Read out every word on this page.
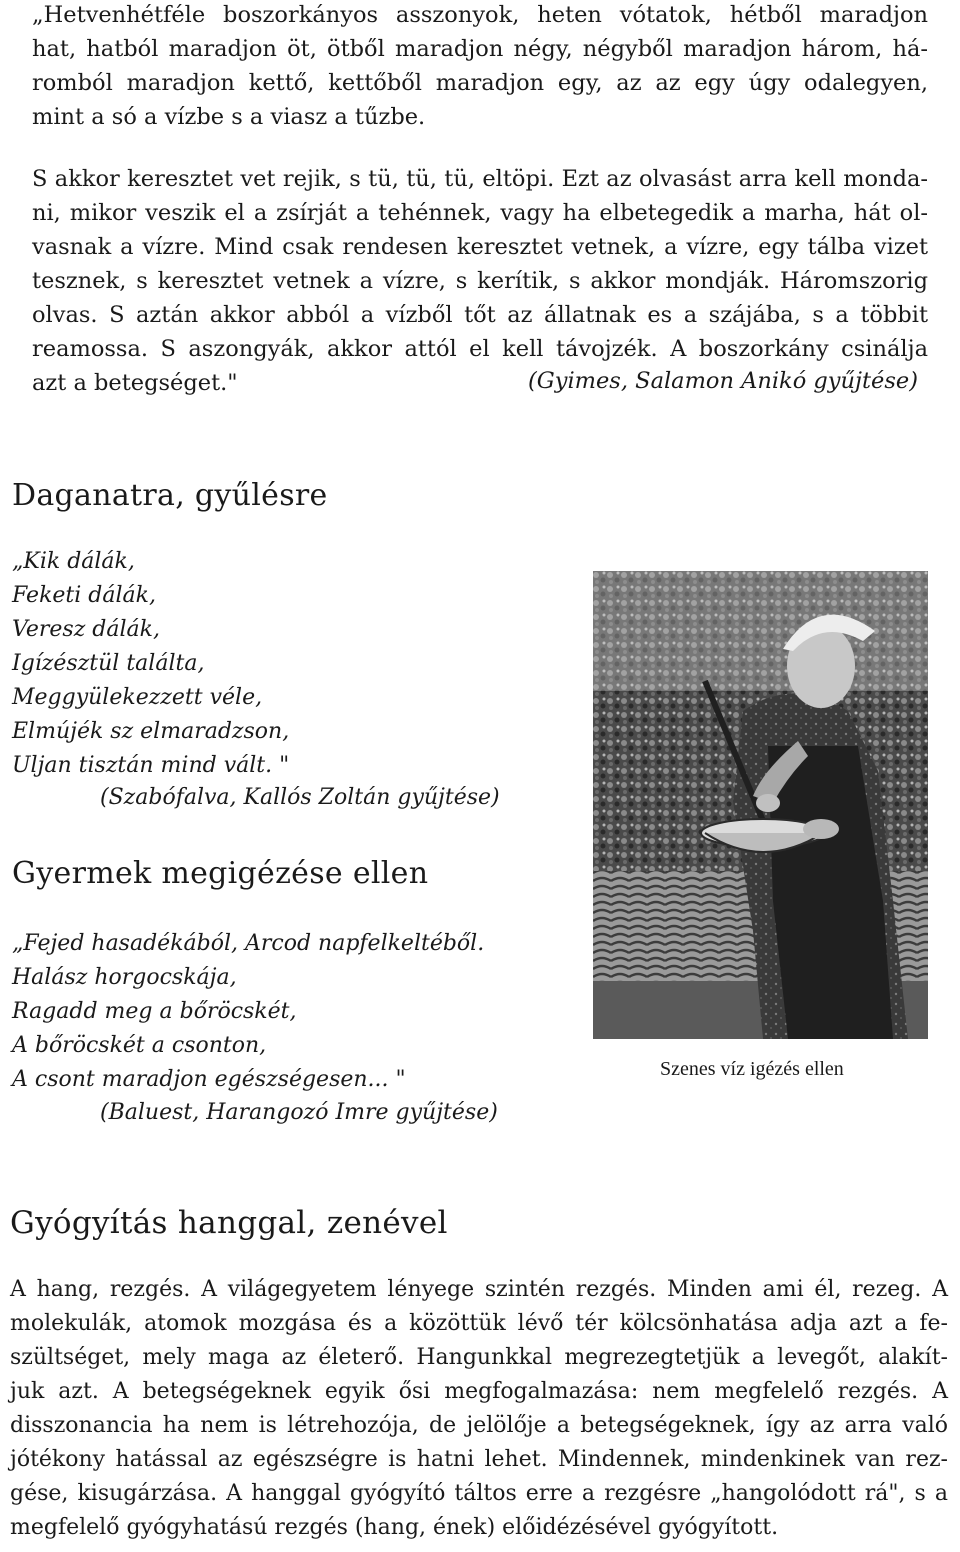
„Hetvenhétféle boszorkányos asszonyok, heten vótatok, hétből maradjon
hat, hatból maradjon öt, ötből maradjon négy, négyből maradjon három, há-
romból maradjon kettő, kettőből maradjon egy, az az egy úgy odalegyen,
mint a só a vízbe s a viasz a tűzbe.
S akkor keresztet vet rejik, s tü, tü, tü, eltöpi. Ezt az olvasást arra kell monda-
ni, mikor veszik el a zsírját a tehénnek, vagy ha elbetegedik a marha, hát ol-
vasnak a vízre. Mind csak rendesen keresztet vetnek, a vízre, egy tálba vizet
tesznek, s keresztet vetnek a vízre, s kerítik, s akkor mondják. Háromszorig
olvas. S aztán akkor abból a vízből tőt az állatnak es a szájába, s a többit
reamossa. S aszongyák, akkor attól el kell távojzék. A boszorkány csinálja
azt a betegséget."	(Gyimes, Salamon Anikó gyűjtése)
Daganatra, gyűlésre
„Kik dálák,
Feketi dálák,
Veresz dálák,
Igízésztül találta,
Meggyülekezzett véle,
Elmújék sz elmaradzson,
Uljan tisztán mind vált. "
(Szabófalva, Kallós Zoltán gyűjtése)
Gyermek megigézése ellen
„Fejed hasadékából, Arcod napfelkeltéből.
Halász horgocskája,
Ragadd meg a bőröcskét,
A bőröcskét a csonton,
A csont maradjon egészségesen... "
(Baluest, Harangozó Imre gyűjtése)
Szenes víz igézés ellen
Gyógyítás hanggal, zenével
A hang, rezgés. A világegyetem lényege szintén rezgés. Minden ami él, rezeg. A
molekulák, atomok mozgása és a közöttük lévő tér kölcsönhatása adja azt a fe-
szültséget, mely maga az életerő. Hangunkkal megrezegtetjük a levegőt, alakít-
juk azt. A betegségeknek egyik ősi megfogalmazása: nem megfelelő rezgés. A
disszonancia ha nem is létrehozója, de jelölője a betegségeknek, így az arra való
jótékony hatással az egészségre is hatni lehet. Mindennek, mindenkinek van rez-
gése, kisugárzása. A hanggal gyógyító táltos erre a rezgésre „hangolódott rá", s a
megfelelő gyógyhatású rezgés (hang, ének) előidézésével gyógyított.
